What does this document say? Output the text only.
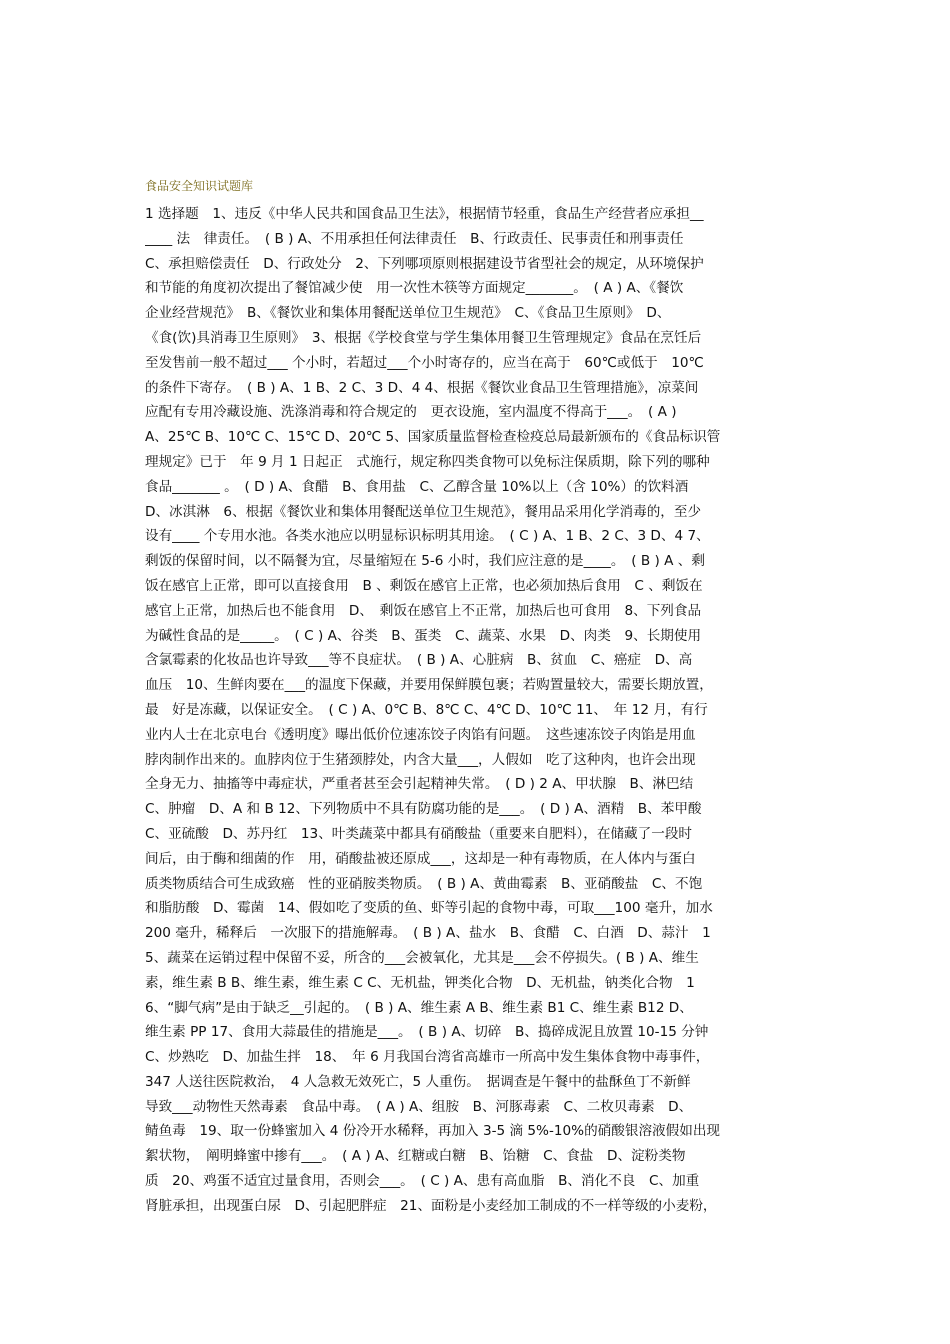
食品安全知识试题库
1 选择题　1、违反《中华人民共和国食品卫生法》，根据情节轻重，食品生产经营者应承担__
____ 法　律责任。　( B ) A、不用承担任何法律责任　B、行政责任、民事责任和刑事责任
C、承担赔偿责任　D、行政处分　2、下列哪项原则根据建设节省型社会的规定，从环境保护
和节能的角度初次提出了餐馆减少使　用一次性木筷等方面规定_______。　( A ) A、《餐饮
企业经营规范》　B、《餐饮业和集体用餐配送单位卫生规范》　C、《食品卫生原则》　D、
《食(饮)具消毒卫生原则》　3、根据《学校食堂与学生集体用餐卫生管理规定》食品在烹饪后
至发售前一般不超过___ 个小时，若超过___个小时寄存的，应当在高于　60℃或低于　10℃
的条件下寄存。　( B ) A、1 B、2 C、3 D、4 4、根据《餐饮业食品卫生管理措施》，凉菜间
应配有专用冷藏设施、洗涤消毒和符合规定的　更衣设施，室内温度不得高于___。　( A )
A、25℃ B、10℃ C、15℃ D、20℃ 5、国家质量监督检查检疫总局最新颁布的《食品标识管
理规定》已于　年 9 月 1 日起正　式施行，规定称四类食物可以免标注保质期，除下列的哪种
食品_______ 。　( D ) A、食醋　B、食用盐　C、乙醇含量 10%以上（含 10%）的饮料酒
D、冰淇淋　6、根据《餐饮业和集体用餐配送单位卫生规范》，餐用品采用化学消毒的，至少
设有____ 个专用水池。各类水池应以明显标识标明其用途。　( C ) A、1 B、2 C、3 D、4 7、
剩饭的保留时间，以不隔餐为宜，尽量缩短在 5-6 小时，我们应注意的是____。　( B ) A 、剩
饭在感官上正常，即可以直接食用　B 、剩饭在感官上正常，也必须加热后食用　C 、剩饭在
感官上正常，加热后也不能食用　D、　剩饭在感官上不正常，加热后也可食用　8、下列食品
为碱性食品的是_____。　( C ) A、谷类　B、蛋类　C、蔬菜、水果　D、肉类　9、长期使用
含氯霉素的化妆品也许导致___等不良症状。　( B ) A、心脏病　B、贫血　C、癌症　D、高
血压　10、生鲜肉要在___的温度下保藏，并要用保鲜膜包裹；若购置量较大，需要长期放置，
最　好是冻藏，以保证安全。　( C ) A、0℃ B、8℃ C、4℃ D、10℃ 11、　年 12 月，有行
业内人士在北京电台《透明度》曝出低价位速冻饺子肉馅有问题。　这些速冻饺子肉馅是用血
脖肉制作出来的。血脖肉位于生猪颈脖处，内含大量___，人假如　吃了这种肉，也许会出现
全身无力、抽搐等中毒症状，严重者甚至会引起精神失常。　( D ) 2 A、甲状腺　B、淋巴结
C、肿瘤　D、A 和 B 12、下列物质中不具有防腐功能的是___。　( D ) A、酒精　B、苯甲酸
C、亚硫酸　D、苏丹红　13、叶类蔬菜中都具有硝酸盐（重要来自肥料），在储藏了一段时
间后，由于酶和细菌的作　用，硝酸盐被还原成___，这却是一种有毒物质，在人体内与蛋白
质类物质结合可生成致癌　性的亚硝胺类物质。　( B ) A、黄曲霉素　B、亚硝酸盐　C、不饱
和脂肪酸　D、霉菌　14、假如吃了变质的鱼、虾等引起的食物中毒，可取___100 毫升，加水
200 毫升，稀释后　一次服下的措施解毒。　( B ) A、盐水　B、食醋　C、白酒　D、蒜汁　1
5、蔬菜在运销过程中保留不妥，所含的___会被氧化，尤其是___会不停损失。( B ) A、维生
素，维生素 B B、维生素，维生素 C C、无机盐，钾类化合物　D、无机盐，钠类化合物　1
6、“脚气病”是由于缺乏__引起的。　( B ) A、维生素 A B、维生素 B1 C、维生素 B12 D、
维生素 PP 17、食用大蒜最佳的措施是___。　( B ) A、切碎　B、捣碎成泥且放置 10-15 分钟
C、炒熟吃　D、加盐生拌　18、　年 6 月我国台湾省高雄市一所高中发生集体食物中毒事件，
347 人送往医院救治，　4 人急救无效死亡，5 人重伤。　据调查是午餐中的盐酥鱼丁不新鲜
导致___动物性天然毒素　食品中毒。　( A ) A、组胺　B、河豚毒素　C、二枚贝毒素　D、
鲭鱼毒　19、取一份蜂蜜加入 4 份冷开水稀释，再加入 3-5 滴 5%-10%的硝酸银溶液假如出现
絮状物，　阐明蜂蜜中掺有___。　( A ) A、红糖或白糖　B、饴糖　C、食盐　D、淀粉类物
质　20、鸡蛋不适宜过量食用，否则会___。　( C ) A、患有高血脂　B、消化不良　C、加重
肾脏承担，出现蛋白尿　D、引起肥胖症　21、面粉是小麦经加工制成的不一样等级的小麦粉，
